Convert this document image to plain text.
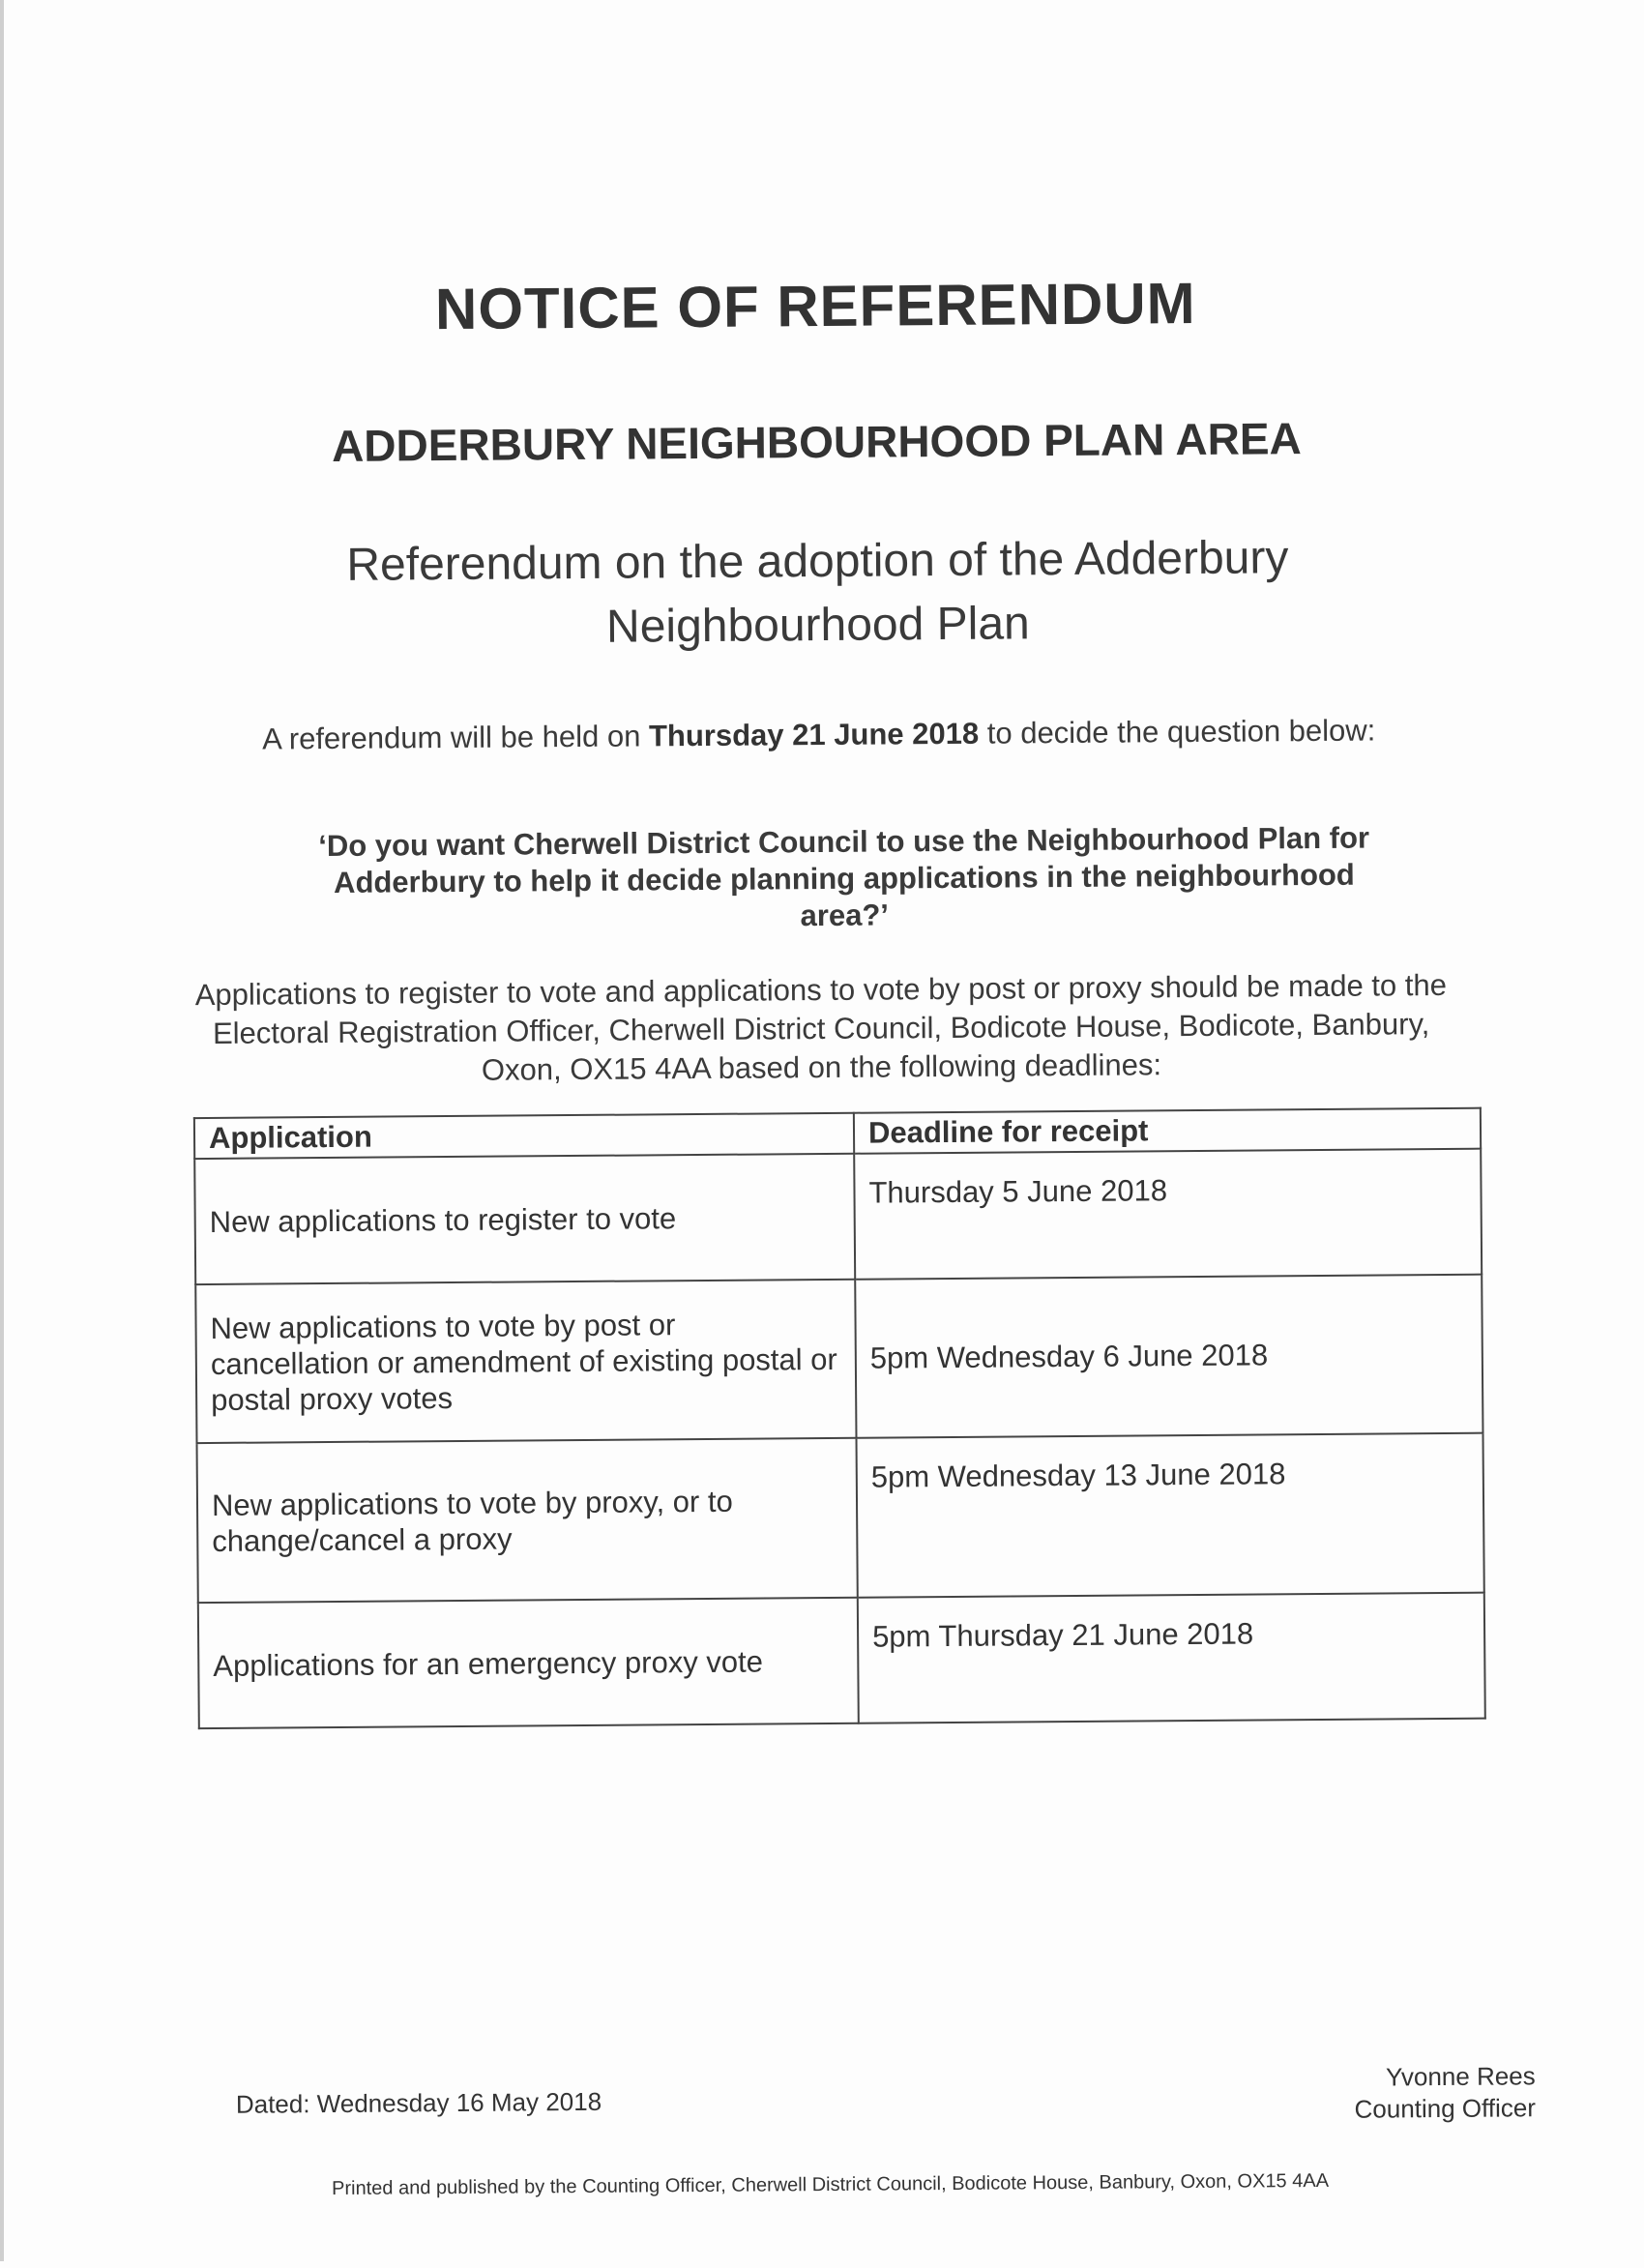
NOTICE OF REFERENDUM
ADDERBURY NEIGHBOURHOOD PLAN AREA
Referendum on the adoption of the Adderbury
Neighbourhood Plan
A referendum will be held on Thursday 21 June 2018 to decide the question below:
‘Do you want Cherwell District Council to use the Neighbourhood Plan for Adderbury to help it decide planning applications in the neighbourhood area?’
Applications to register to vote and applications to vote by post or proxy should be made to the Electoral Registration Officer, Cherwell District Council, Bodicote House, Bodicote, Banbury, Oxon, OX15 4AA based on the following deadlines:
Application	Deadline for receipt
New applications to register to vote	Thursday 5 June 2018
New applications to vote by post or cancellation or amendment of existing postal or postal proxy votes	5pm Wednesday 6 June 2018
New applications to vote by proxy, or to change/cancel a proxy	5pm Wednesday 13 June 2018
Applications for an emergency proxy vote	5pm Thursday 21 June 2018
Dated: Wednesday 16 May 2018
Yvonne Rees
Counting Officer
Printed and published by the Counting Officer, Cherwell District Council, Bodicote House, Banbury, Oxon, OX15 4AA
